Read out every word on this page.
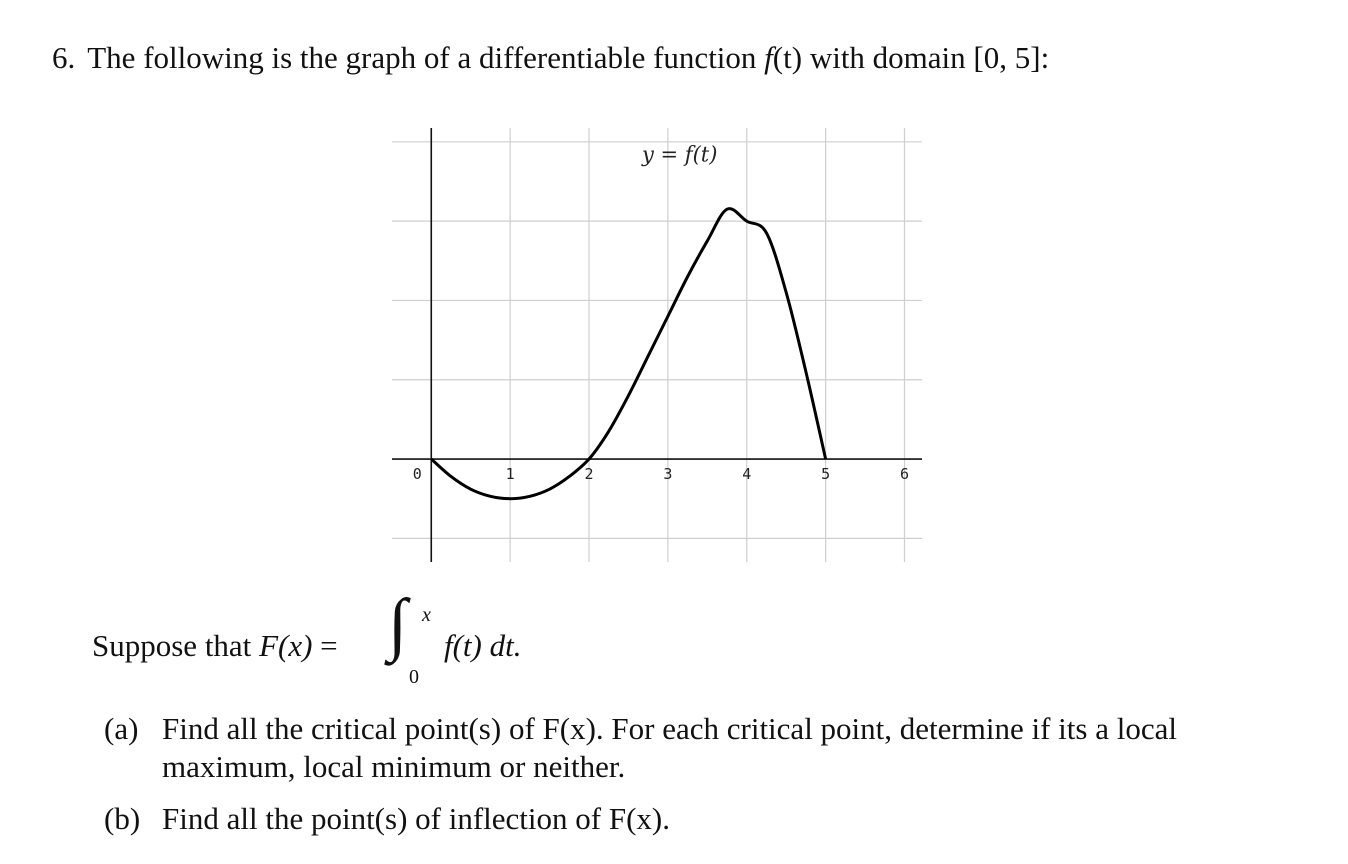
6. The following is the graph of a differentiable function f(t) with domain [0, 5]:
0	1	2	3	4	5	6
y = f(t)
Suppose that F(x) = ∫ x
0
f(t) dt.
(a) Find all the critical point(s) of F(x). For each critical point, determine if its a local maximum, local minimum or neither.
(b) Find all the point(s) of inflection of F(x).
